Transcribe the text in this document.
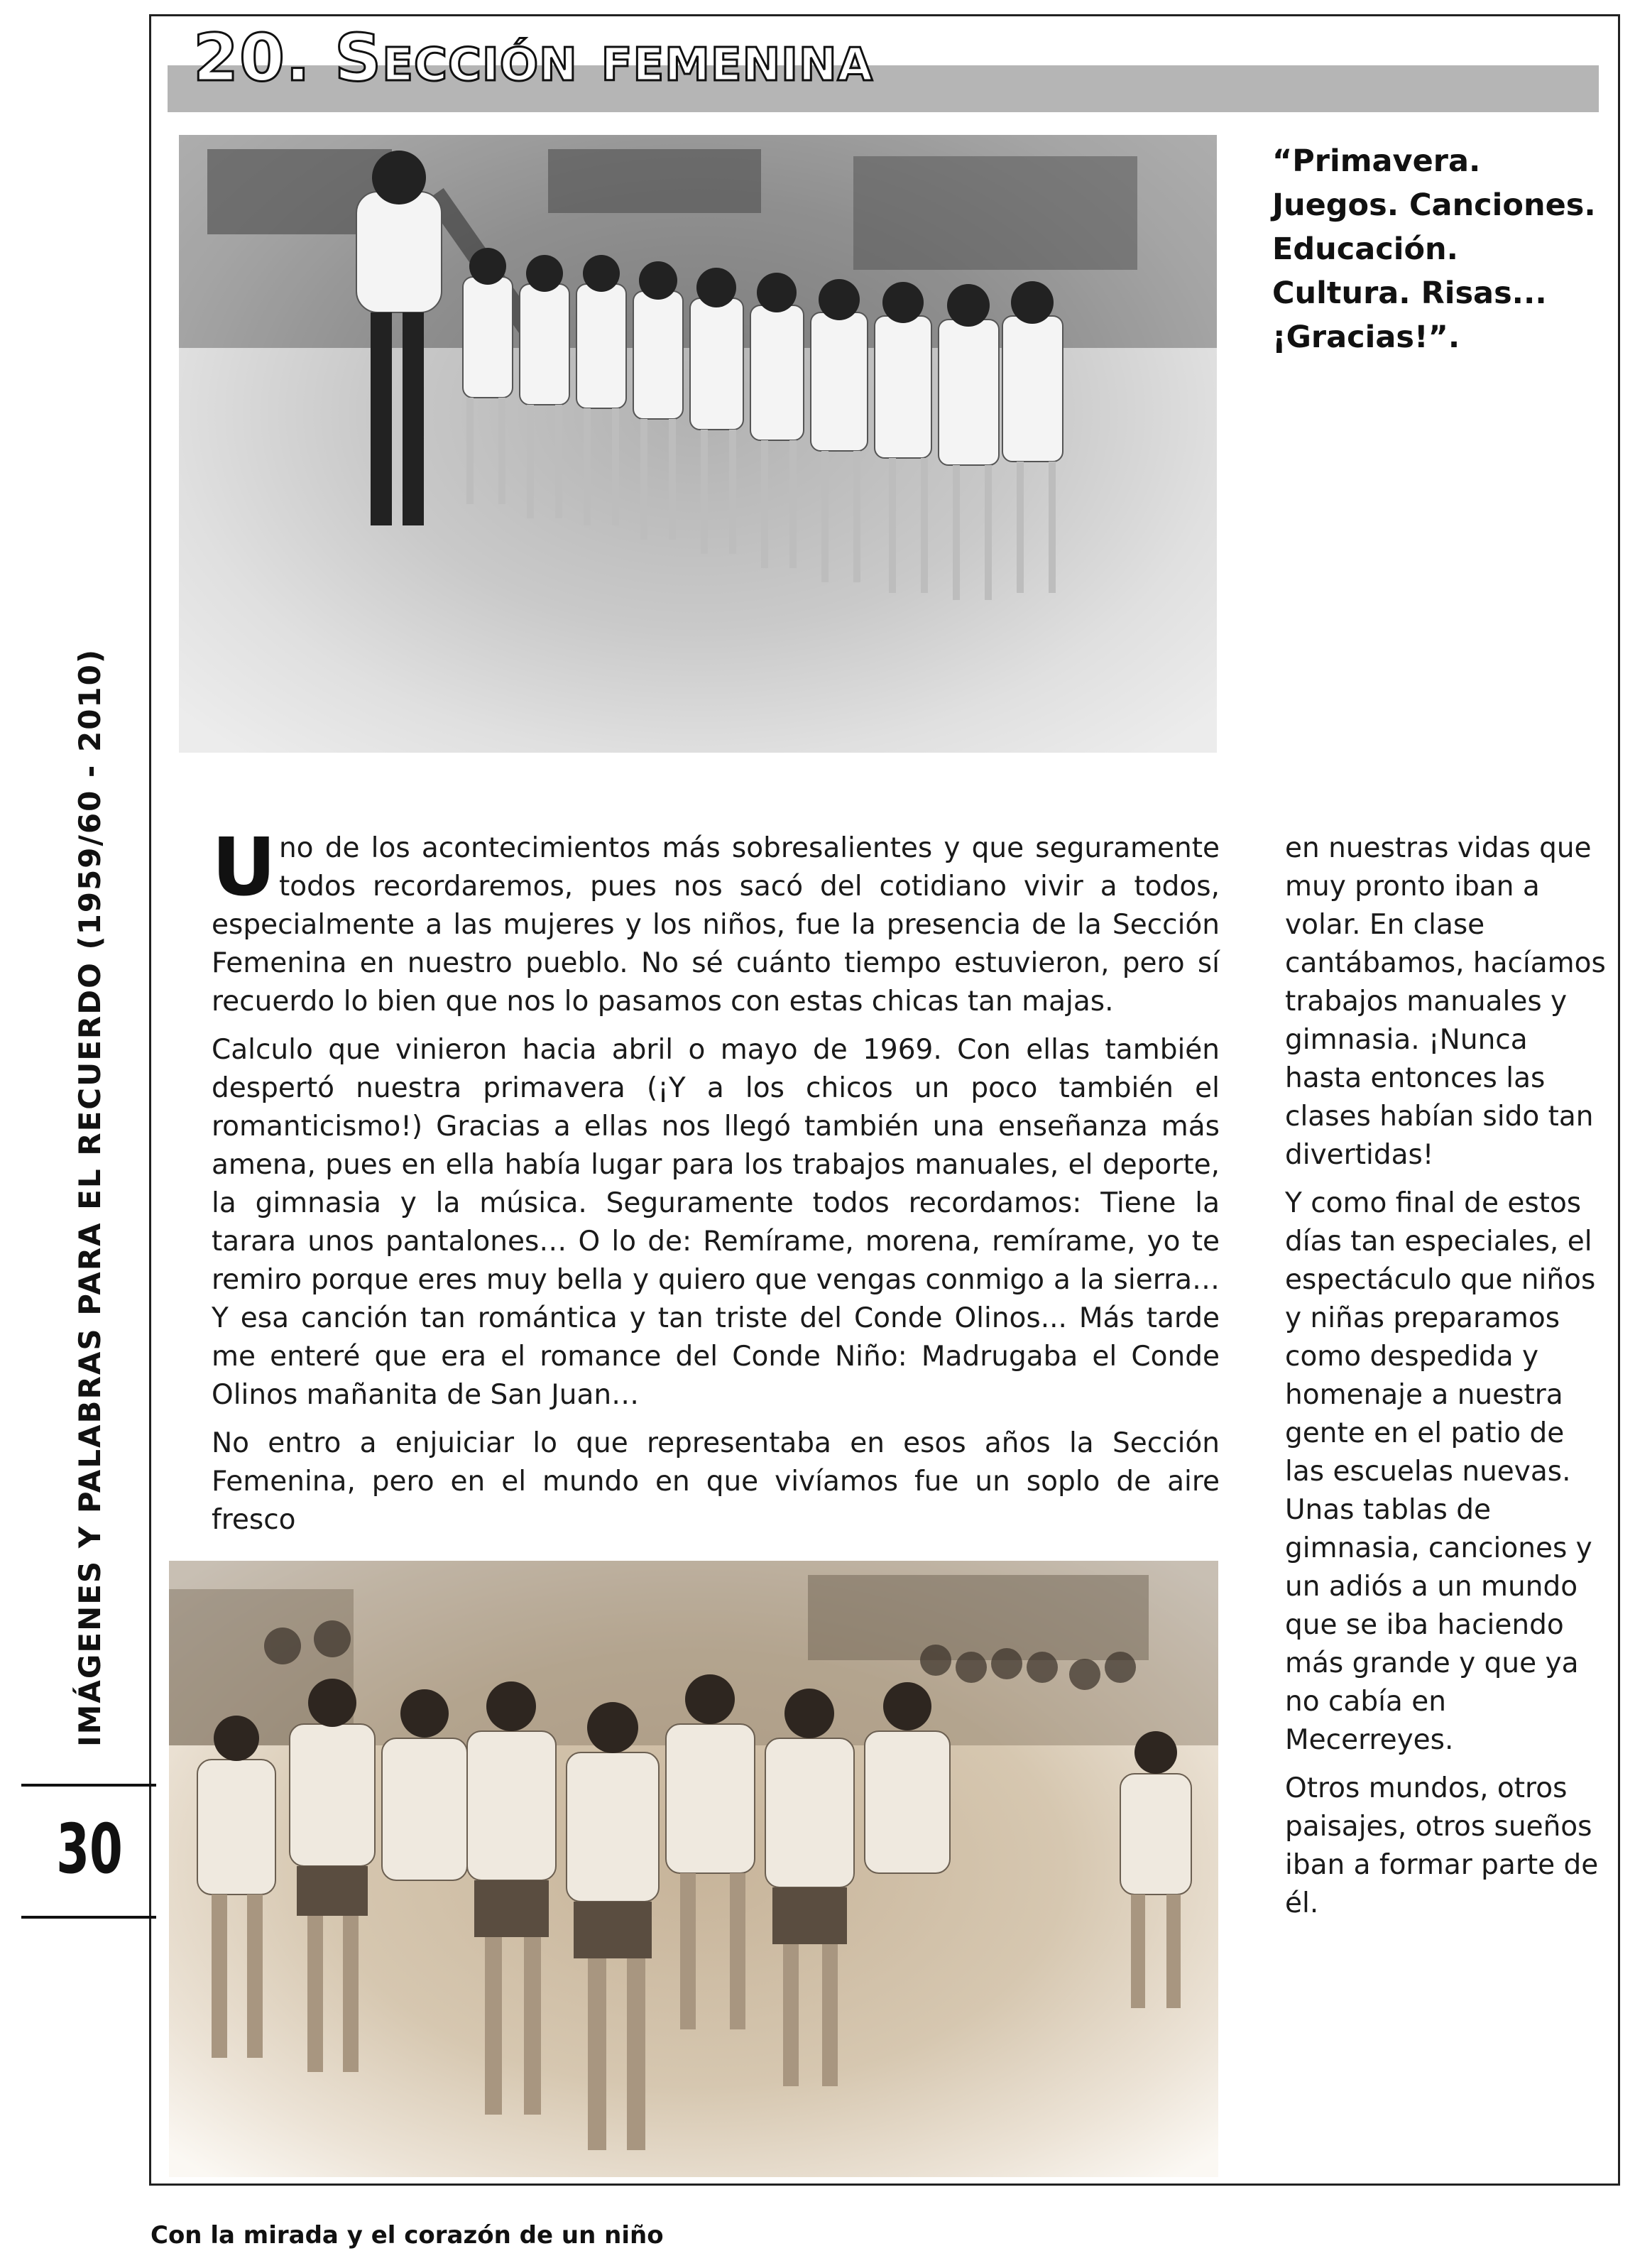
20. Sección femenina

“Primavera. Juegos. Canciones. Educación. Cultura. Risas... ¡Gracias!”.

IMÁGENES Y PALABRAS PARA EL RECUERDO (1959/60 - 2010)
30

Uno de los acontecimientos más sobresalientes y que seguramente todos recordaremos, pues nos sacó del cotidiano vivir a todos, especialmente a las mujeres y los niños, fue la presencia de la Sección Femenina en nuestro pueblo. No sé cuánto tiempo estuvieron, pero sí recuerdo lo bien que nos lo pasamos con estas chicas tan majas.

Calculo que vinieron hacia abril o mayo de 1969. Con ellas también despertó nuestra primavera (¡Y a los chicos un poco también el romanticismo!) Gracias a ellas nos llegó también una enseñanza más amena, pues en ella había lugar para los trabajos manuales, el deporte, la gimnasia y la música. Seguramente todos recordamos: Tiene la tarara unos pantalones… O lo de: Remírame, morena, remírame, yo te remiro porque eres muy bella y quiero que vengas conmigo a la sierra… Y esa canción tan romántica y tan triste del Conde Olinos... Más tarde me enteré que era el romance del Conde Niño: Madrugaba el Conde Olinos mañanita de San Juan…

No entro a enjuiciar lo que representaba en esos años la Sección Femenina, pero en el mundo en que vivíamos fue un soplo de aire fresco

en nuestras vidas que muy pronto iban a volar. En clase cantábamos, hacíamos trabajos manuales y gimnasia. ¡Nunca hasta entonces las clases habían sido tan divertidas!

Y como final de estos días tan especiales, el espectáculo que niños y niñas preparamos como despedida y homenaje a nuestra gente en el patio de las escuelas nuevas. Unas tablas de gimnasia, canciones y un adiós a un mundo que se iba haciendo más grande y que ya no cabía en Mecerreyes.

Otros mundos, otros paisajes, otros sueños iban a formar parte de él.

Con la mirada y el corazón de un niño
